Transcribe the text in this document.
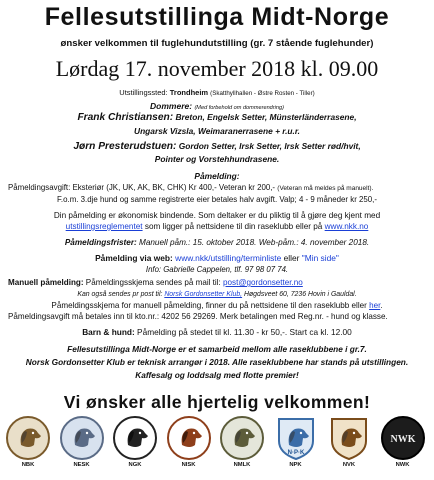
Fellesutstillinga Midt-Norge
ønsker velkommen til fuglehundutstilling (gr. 7 stående fuglehunder)
Lørdag 17. november 2018 kl. 09.00
Utstillingssted: Trondheim (Skatthyllhallen - Østre Rosten - Tiller)
Dommere: (Med forbehold om dommerendring)
Frank Christiansen: Breton, Engelsk Setter, Münsterländerrasene,
Ungarsk Vizsla, Weimaranerrasene + r.u.r.
Jørn Presterudstuen: Gordon Setter, Irsk Setter, Irsk Setter rød/hvit,
Pointer og Vorstehhundrasene.
Påmelding:
Påmeldingsavgift: Eksteriør (JK, UK, AK, BK, CHK) Kr 400,- Veteran kr 200,- (Veteran må meldes på manuelt).
F.o.m. 3.dje hund og samme registrerte eier betales halv avgift. Valp; 4 - 9 måneder kr 250,-
Din påmelding er økonomisk bindende. Som deltaker er du pliktig til å gjøre deg kjent med
utstillingsreglementet som ligger på nettsidene til din raseklubb eller på www.nkk.no
Påmeldingsfrister: Manuell påm.: 15. oktober 2018. Web-påm.: 4. november 2018.
Påmelding via web: www.nkk/utstilling/terminliste eller "Min side"
Info: Gabrielle Cappelen, tlf. 97 98 07 74.
Manuell påmelding: Påmeldingsskjema sendes på mail til: post@gordonsetter.no
Kan også sendes pr post til: Norsk Gordonsetter Klub, Høgdsveet 60, 7236 Hovin i Gauldal.
Påmeldingsskjema for manuell påmelding, finner du på nettsidene til den raseklubb eller her.
Påmeldingsavgift må betales inn til kto.nr.: 4202 56 29269. Merk betalingen med Reg.nr. - hund og klasse.
Barn & hund: Påmelding på stedet til kl. 11.30 - kr 50,-. Start ca kl. 12.00
Fellesutstillinga Midt-Norge er et samarbeid mellom alle raseklubbene i gr.7.
Norsk Gordonsetter Klub er teknisk arrangør i 2018. Alle raseklubbene har stands på utstillingen.
Kaffesalg og loddsalg med flotte premier!
Vi ønsker alle hjertelig velkommen!
NBK	NESK	NGK	NISK	NMLK
N·P·K
NPK	NVK
NWK
NWK
